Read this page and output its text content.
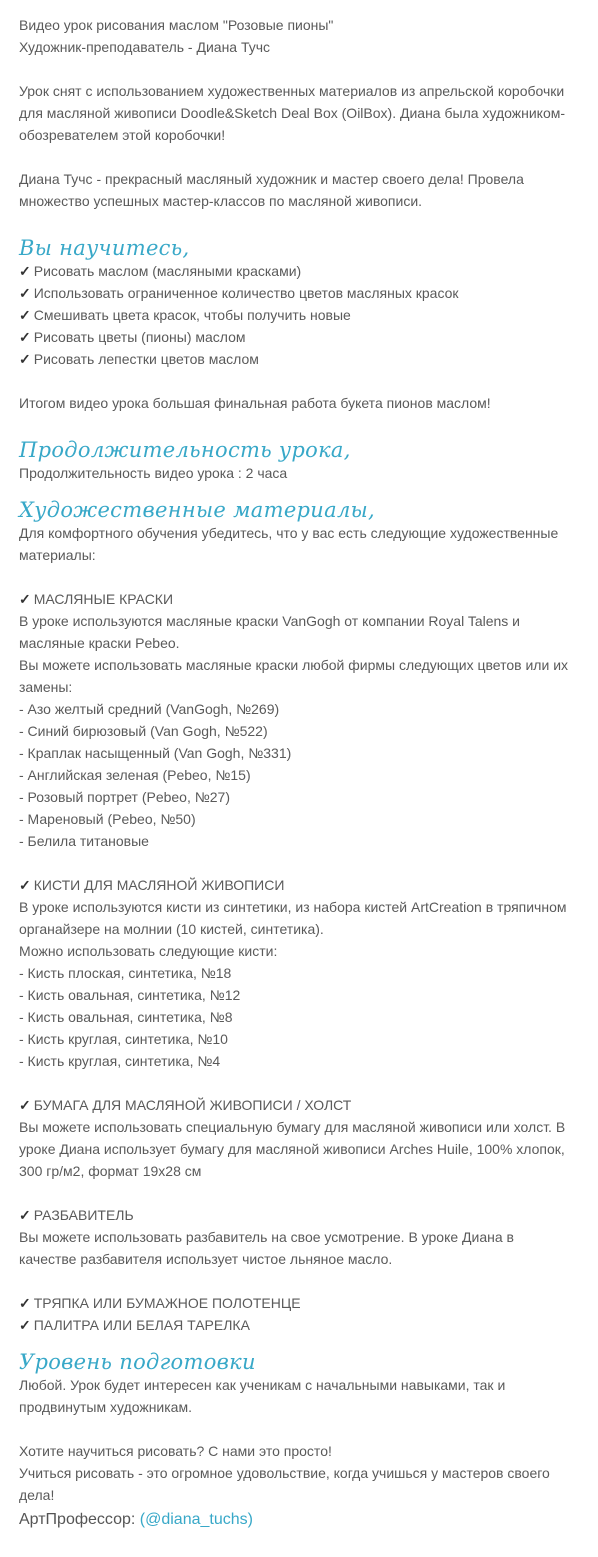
Видео урок рисования маслом "Розовые пионы"
Художник-преподаватель - Диана Тучс
Урок снят с использованием художественных материалов из апрельской коробочки
для масляной живописи Doodle&Sketch Deal Box (OilBox). Диана была художником-
обозревателем этой коробочки!
Диана Тучс - прекрасный масляный художник и мастер своего дела! Провела
множество успешных мастер-классов по масляной живописи.
Вы научитесь,
✓ Рисовать маслом (масляными красками)
✓ Использовать ограниченное количество цветов масляных красок
✓ Смешивать цвета красок, чтобы получить новые
✓ Рисовать цветы (пионы) маслом
✓ Рисовать лепестки цветов маслом
Итогом видео урока большая финальная работа букета пионов маслом!
Продолжительность урока,
Продолжительность видео урока : 2 часа
Художественные материалы,
Для комфортного обучения убедитесь, что у вас есть следующие художественные
материалы:
✓ МАСЛЯНЫЕ КРАСКИ
В уроке используются масляные краски VanGogh от компании Royal Talens и
масляные краски Pebeo.
Вы можете использовать масляные краски любой фирмы следующих цветов или их
замены:
- Азо желтый средний (VanGogh, №269)
- Синий бирюзовый (Van Gogh, №522)
- Краплак насыщенный (Van Gogh, №331)
- Английская зеленая (Pebeo, №15)
- Розовый портрет (Pebeo, №27)
- Мареновый (Pebeo, №50)
- Белила титановые
✓ КИСТИ ДЛЯ МАСЛЯНОЙ ЖИВОПИСИ
В уроке используются кисти из синтетики, из набора кистей ArtCreation в тряпичном
органайзере на молнии (10 кистей, синтетика).
Можно использовать следующие кисти:
- Кисть плоская, синтетика, №18
- Кисть овальная, синтетика, №12
- Кисть овальная, синтетика, №8
- Кисть круглая, синтетика, №10
- Кисть круглая, синтетика, №4
✓ БУМАГА ДЛЯ МАСЛЯНОЙ ЖИВОПИСИ / ХОЛСТ
Вы можете использовать специальную бумагу для масляной живописи или холст. В
уроке Диана использует бумагу для масляной живописи Arches Huile, 100% хлопок,
300 гр/м2, формат 19х28 см
✓ РАЗБАВИТЕЛЬ
Вы можете использовать разбавитель на свое усмотрение. В уроке Диана в
качестве разбавителя использует чистое льняное масло.
✓ ТРЯПКА ИЛИ БУМАЖНОЕ ПОЛОТЕНЦЕ
✓ ПАЛИТРА ИЛИ БЕЛАЯ ТАРЕЛКА
Уровень подготовки
Любой. Урок будет интересен как ученикам с начальными навыками, так и
продвинутым художникам.
Хотите научиться рисовать? С нами это просто!
Учиться рисовать - это огромное удовольствие, когда учишься у мастеров своего
дела!
АртПрофессор: (@diana_tuchs)
